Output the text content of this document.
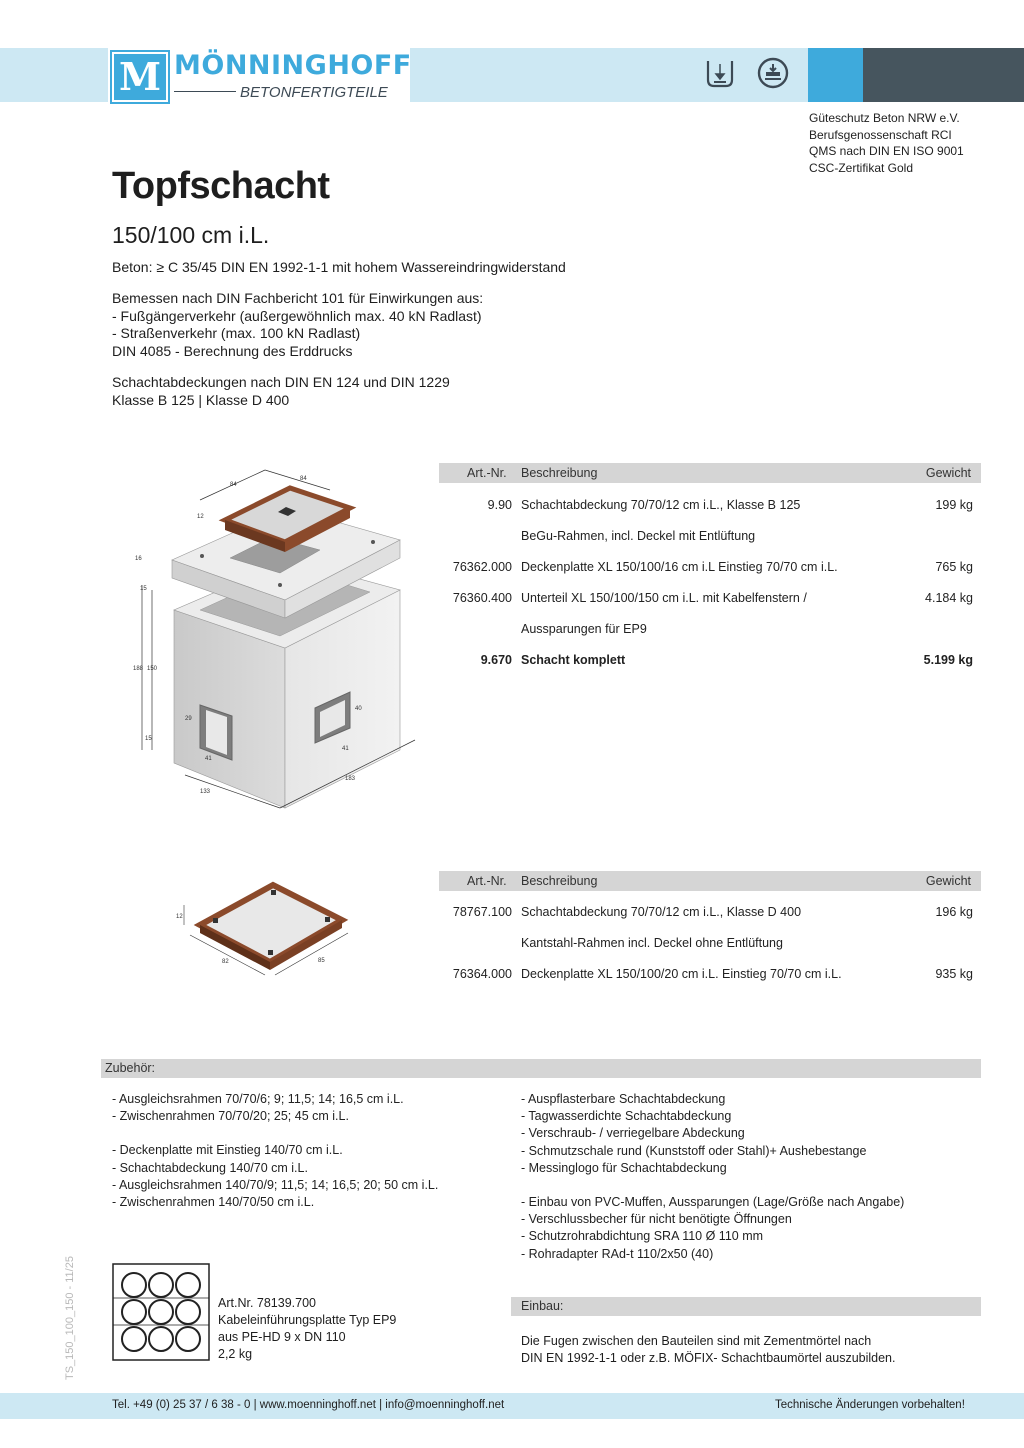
M MÖNNINGHOFF
BETONFERTIGTEILE
Güteschutz Beton NRW e.V.
Berufsgenossenschaft RCI
QMS nach DIN EN ISO 9001
CSC-Zertifikat Gold
Topfschacht
150/100 cm i.L.
Beton: ≥ C 35/45 DIN EN 1992-1-1 mit hohem Wassereindringwiderstand
Bemessen nach DIN Fachbericht 101 für Einwirkungen aus:
- Fußgängerverkehr (außergewöhnlich max. 40 kN Radlast)
- Straßenverkehr (max. 100 kN Radlast)
DIN 4085 - Berechnung des Erddrucks
Schachtabdeckungen nach DIN EN 124 und DIN 1229
Klasse B 125 | Klasse D 400
84
84
12
16
15
188 150
15
29
41
40
41
133
183
Art.-Nr. Beschreibung	Gewicht
9.90 Schachtabdeckung 70/70/12 cm i.L., Klasse B 125	199 kg
BeGu-Rahmen, incl. Deckel mit Entlüftung
76362.000 Deckenplatte XL 150/100/16 cm i.L Einstieg 70/70 cm i.L.	765 kg
76360.400 Unterteil XL 150/100/150 cm i.L. mit Kabelfenstern /	4.184 kg
Aussparungen für EP9
9.670 Schacht komplett	5.199 kg
12
82	85
Art.-Nr. Beschreibung	Gewicht
78767.100 Schachtabdeckung 70/70/12 cm i.L., Klasse D 400	196 kg
Kantstahl-Rahmen incl. Deckel ohne Entlüftung
76364.000 Deckenplatte XL 150/100/20 cm i.L. Einstieg 70/70 cm i.L.	935 kg
Zubehör:
- Ausgleichsrahmen 70/70/6; 9; 11,5; 14; 16,5 cm i.L.
- Zwischenrahmen 70/70/20; 25; 45 cm i.L.
- Deckenplatte mit Einstieg 140/70 cm i.L.
- Schachtabdeckung 140/70 cm i.L.
- Ausgleichsrahmen 140/70/9; 11,5; 14; 16,5; 20; 50 cm i.L.
- Zwischenrahmen 140/70/50 cm i.L.
- Auspflasterbare Schachtabdeckung
- Tagwasserdichte Schachtabdeckung
- Verschraub- / verriegelbare Abdeckung
- Schmutzschale rund (Kunststoff oder Stahl)+ Aushebestange
- Messinglogo für Schachtabdeckung
- Einbau von PVC-Muffen, Aussparungen (Lage/Größe nach Angabe)
- Verschlussbecher für nicht benötigte Öffnungen
- Schutzrohrabdichtung SRA 110 Ø 110 mm
- Rohradapter RAd-t 110/2x50 (40)
TS_150_100_150 - 11/25	Art.Nr. 78139.700
Kabeleinführungsplatte Typ EP9
aus PE-HD 9 x DN 110
2,2 kg
Einbau:
Die Fugen zwischen den Bauteilen sind mit Zementmörtel nach
DIN EN 1992-1-1 oder z.B. MÖFIX- Schachtbaumörtel auszubilden.
Tel. +49 (0) 25 37 / 6 38 - 0 | www.moenninghoff.net | info@moenninghoff.net	Technische Änderungen vorbehalten!
